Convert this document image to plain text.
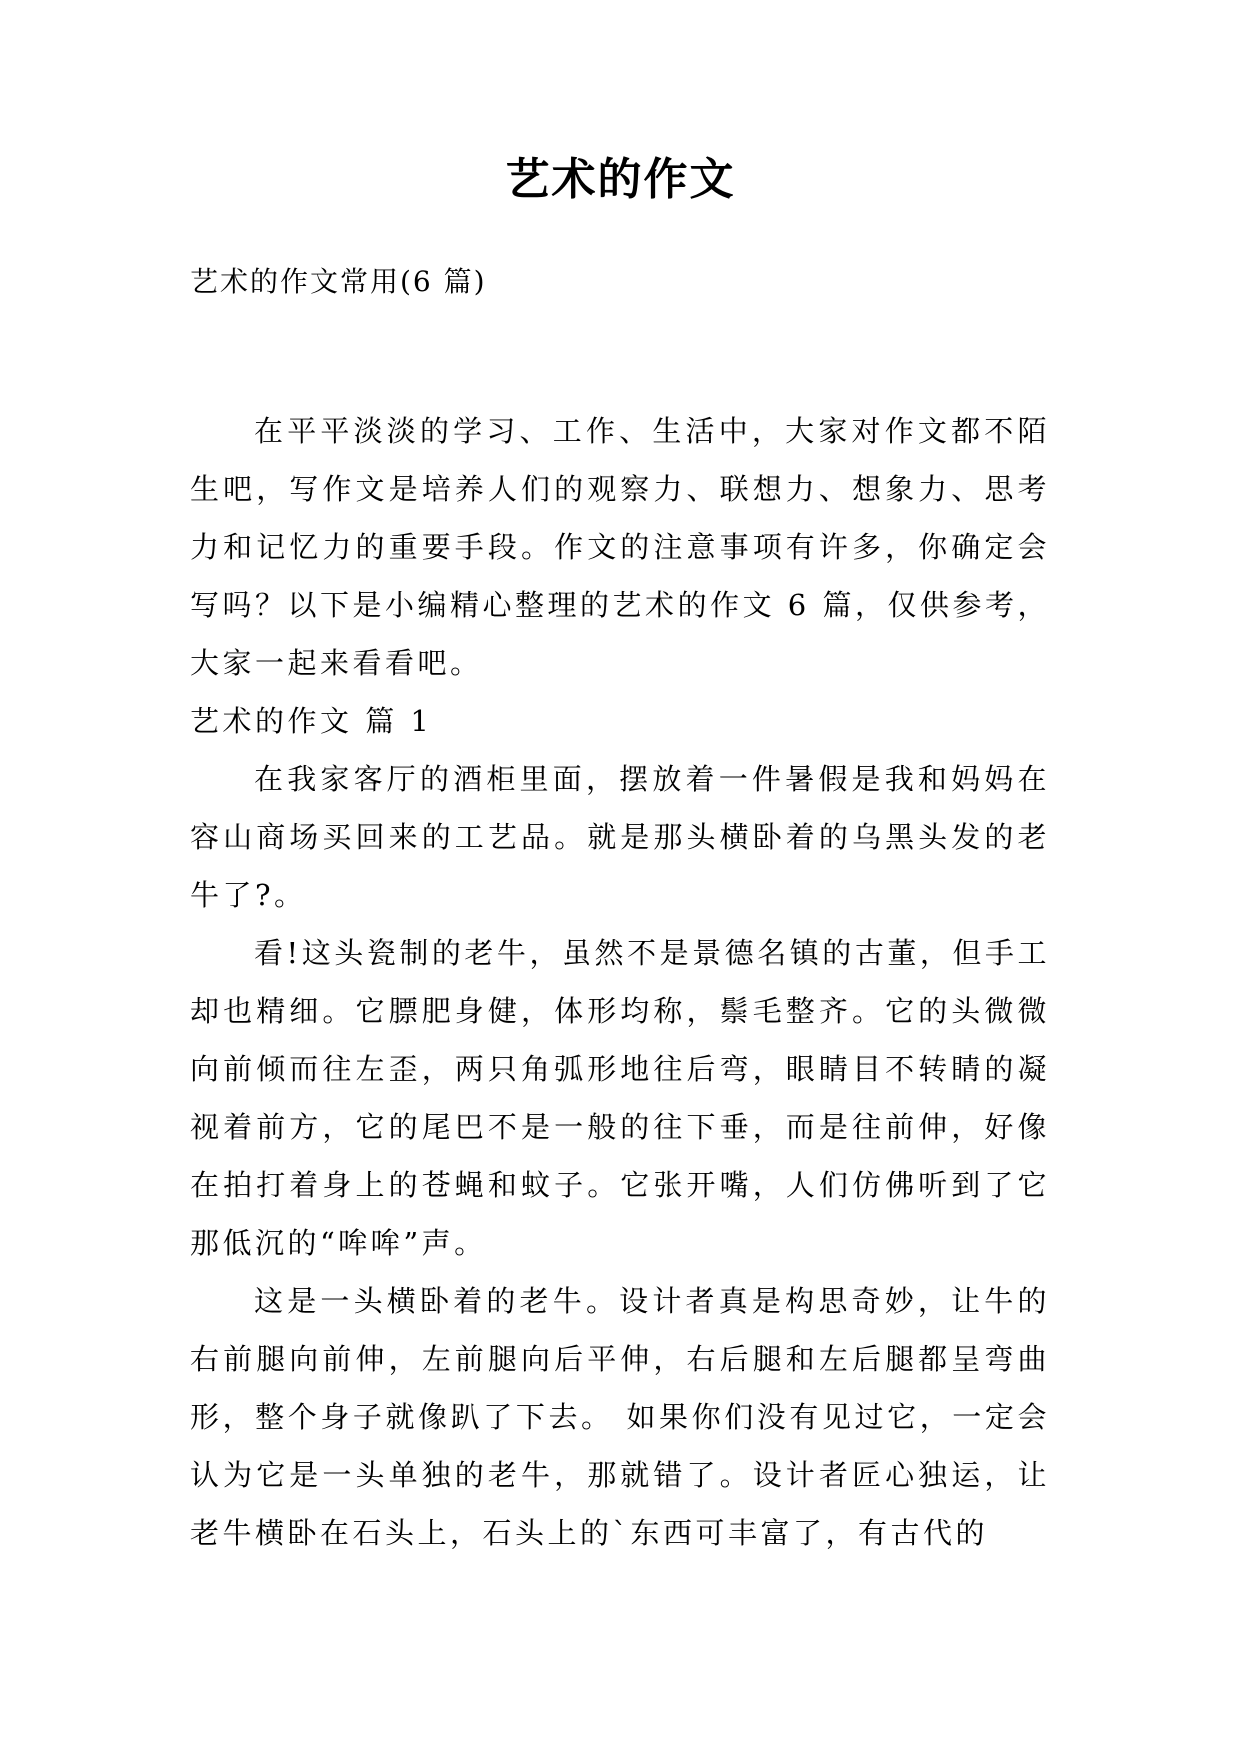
艺术的作文
艺术的作文常用(6 篇)

在平平淡淡的学习、工作、生活中，大家对作文都不陌生吧，写作文是培养人们的观察力、联想力、想象力、思考力和记忆力的重要手段。作文的注意事项有许多，你确定会写吗？以下是小编精心整理的艺术的作文 6 篇，仅供参考，大家一起来看看吧。

艺术的作文 篇 1

在我家客厅的酒柜里面，摆放着一件暑假是我和妈妈在容山商场买回来的工艺品。就是那头横卧着的乌黑头发的老牛了?。

看!这头瓷制的老牛，虽然不是景德名镇的古董，但手工却也精细。它膘肥身健，体形均称，鬃毛整齐。它的头微微向前倾而往左歪，两只角弧形地往后弯，眼睛目不转睛的凝视着前方，它的尾巴不是一般的往下垂，而是往前伸，好像在拍打着身上的苍蝇和蚊子。它张开嘴，人们仿佛听到了它那低沉的“哞哞”声。

这是一头横卧着的老牛。设计者真是构思奇妙，让牛的右前腿向前伸，左前腿向后平伸，右后腿和左后腿都呈弯曲形，整个身子就像趴了下去。 如果你们没有见过它，一定会认为它是一头单独的老牛，那就错了。设计者匠心独运，让老牛横卧在石头上，石头上的`东西可丰富了，有古代的
